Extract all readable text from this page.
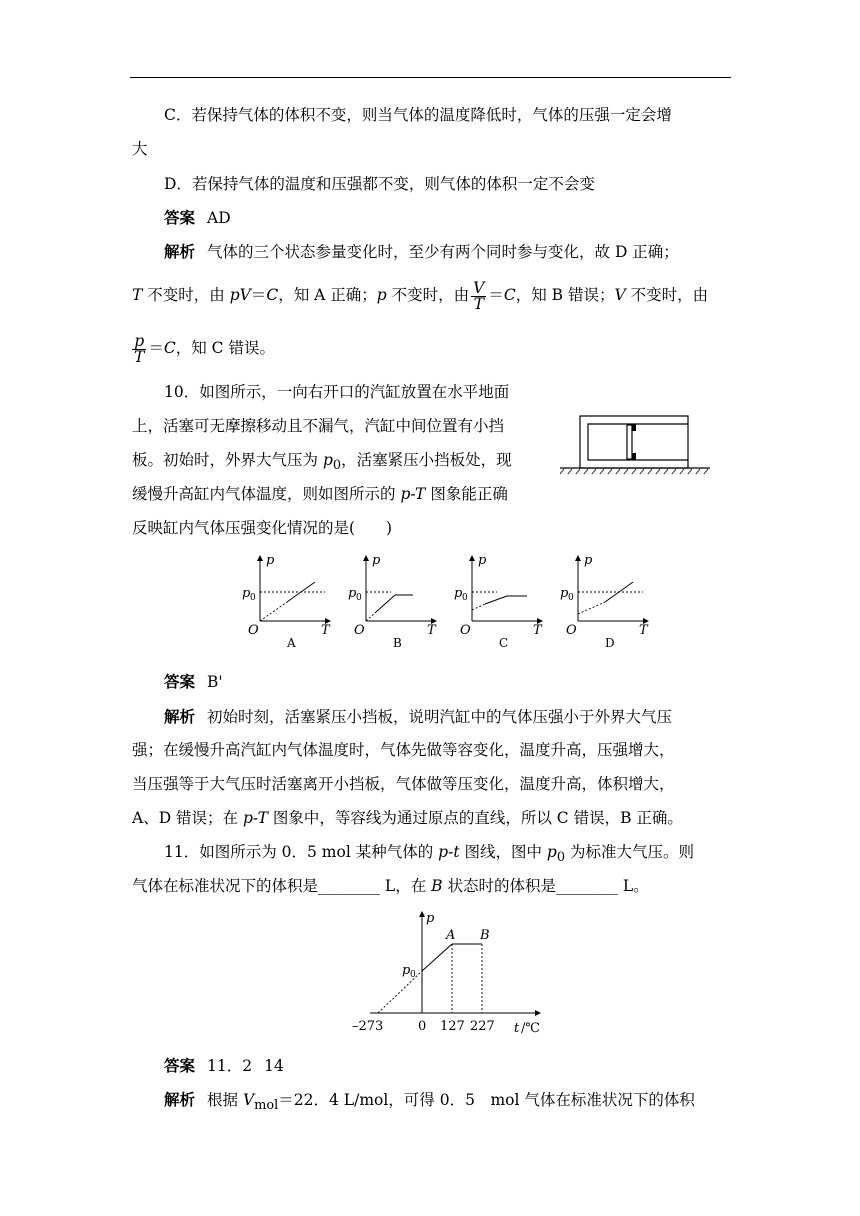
C．若保持气体的体积不变，则当气体的温度降低时，气体的压强一定会增
大
D．若保持气体的温度和压强都不变，则气体的体积一定不会变
答案 AD
解析 气体的三个状态参量变化时，至少有两个同时参与变化，故 D 正确；
T 不变时，由 pV＝C，知 A 正确；p 不变时，由 $\frac{V}{T} =C$，知 B 错误；V 不变时，由
$\frac{p}{T} =C$，知 C 错误。
10．如图所示，一向右开口的汽缸放置在水平地面
上，活塞可无摩擦移动且不漏气，汽缸中间位置有小挡
板。初始时，外界大气压为 $p_0$，活塞紧压小挡板处，现
缓慢升高缸内气体温度，则如图所示的 p-T 图象能正确
反映缸内气体压强变化情况的是(　　)
p
p 0
O	T
A
p
p 0
O	T
B
p
p 0
O	T
C
p
p 0
O	T
D
答案 B'
解析 初始时刻，活塞紧压小挡板，说明汽缸中的气体压强小于外界大气压
强；在缓慢升高汽缸内气体温度时，气体先做等容变化，温度升高，压强增大，
当压强等于大气压时活塞离开小挡板，气体做等压变化，温度升高，体积增大，
A、D 错误；在 p-T 图象中，等容线为通过原点的直线，所以 C 错误，B 正确。
11．如图所示为 0．5 mol 某种气体的 p-t 图线，图中 $p_0$ 为标准大气压。则
气体在标准状况下的体积是________ L，在 B 状态时的体积是________ L。
p
p 0
A B
–273	0 127 227 t /℃
答案 11．2 14
解析 根据 $V_{mol}=22$．4 L/mol，可得 0．5　mol 气体在标准状况下的体积
